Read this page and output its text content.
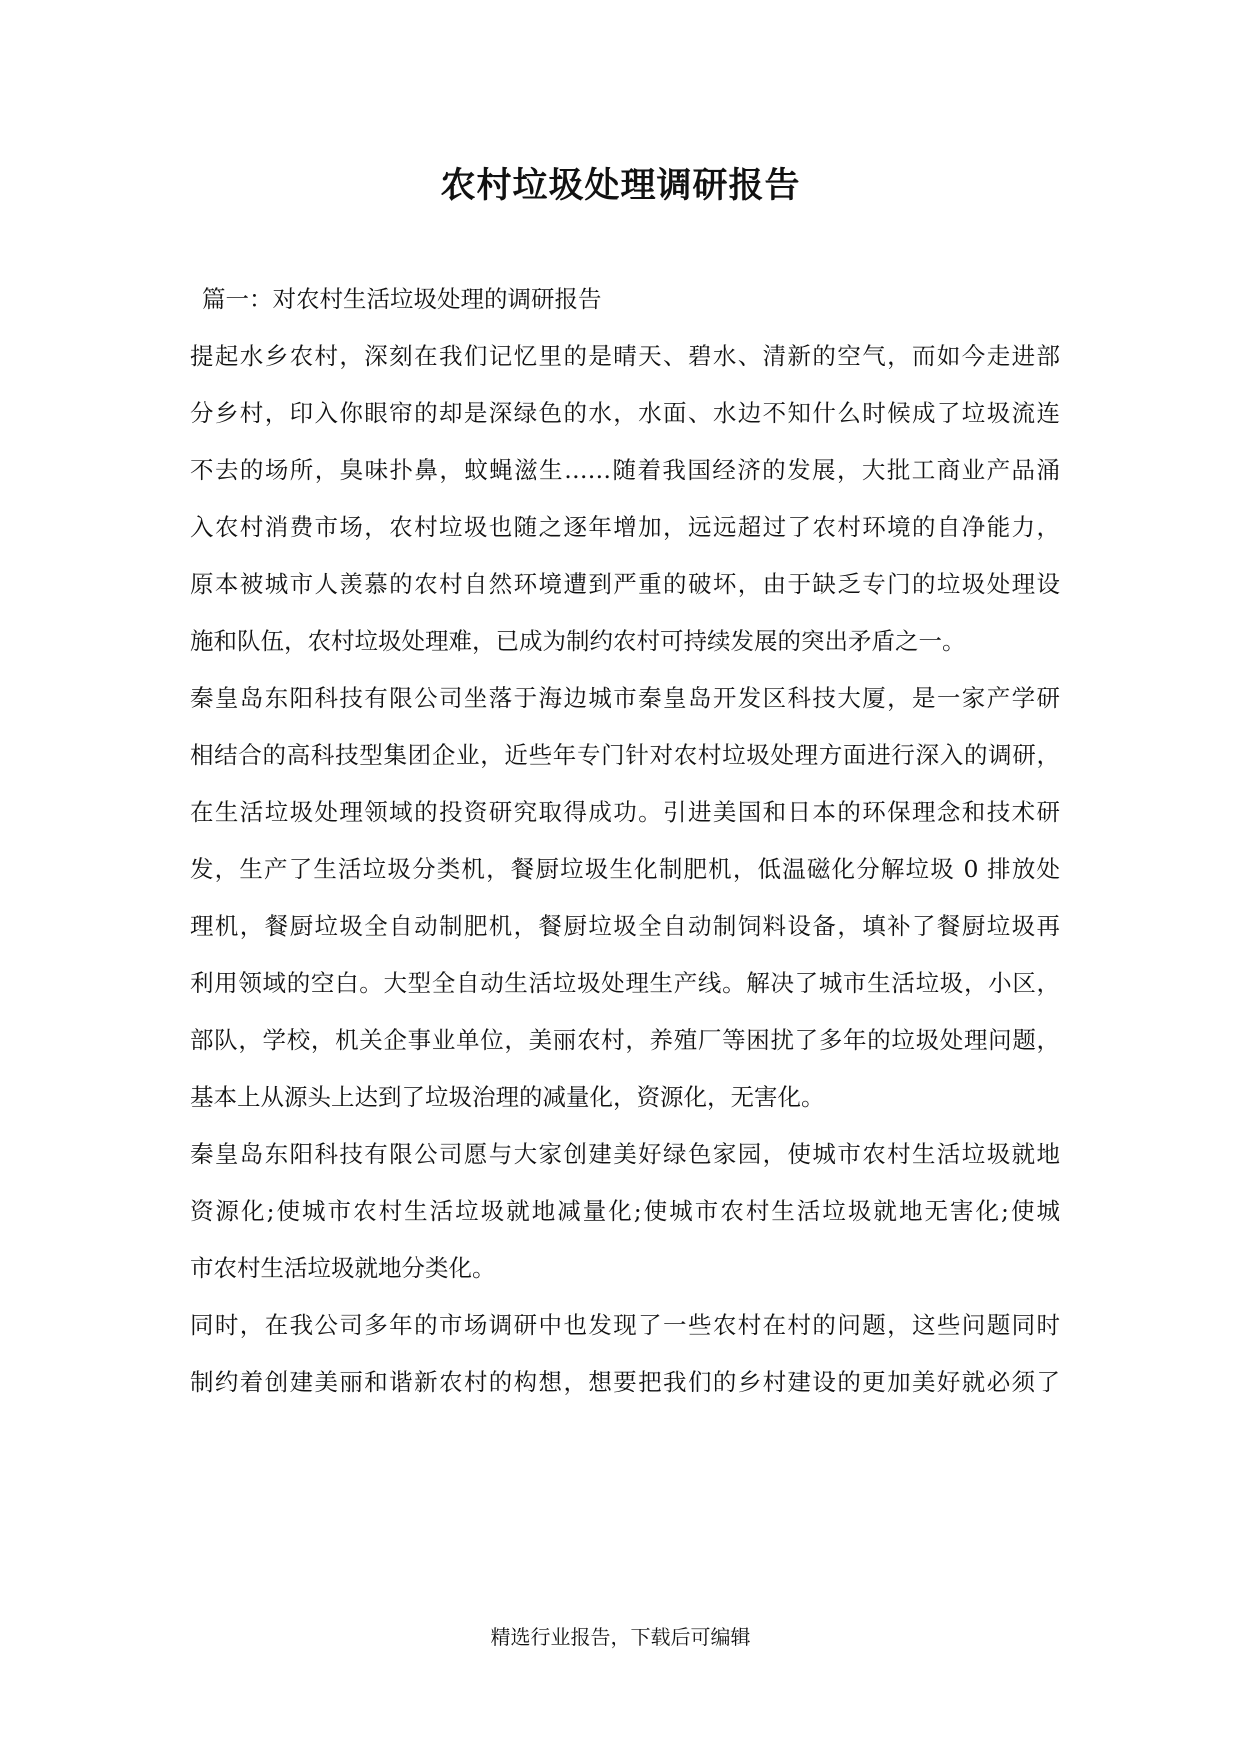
农村垃圾处理调研报告
篇一：对农村生活垃圾处理的调研报告
提起水乡农村，深刻在我们记忆里的是晴天、碧水、清新的空气，而如今走进部
分乡村，印入你眼帘的却是深绿色的水，水面、水边不知什么时候成了垃圾流连
不去的场所，臭味扑鼻，蚊蝇滋生……随着我国经济的发展，大批工商业产品涌
入农村消费市场，农村垃圾也随之逐年增加，远远超过了农村环境的自净能力，
原本被城市人羡慕的农村自然环境遭到严重的破坏，由于缺乏专门的垃圾处理设
施和队伍，农村垃圾处理难，已成为制约农村可持续发展的突出矛盾之一。
秦皇岛东阳科技有限公司坐落于海边城市秦皇岛开发区科技大厦，是一家产学研
相结合的高科技型集团企业，近些年专门针对农村垃圾处理方面进行深入的调研，
在生活垃圾处理领域的投资研究取得成功。引进美国和日本的环保理念和技术研
发，生产了生活垃圾分类机，餐厨垃圾生化制肥机，低温磁化分解垃圾 0 排放处
理机，餐厨垃圾全自动制肥机，餐厨垃圾全自动制饲料设备，填补了餐厨垃圾再
利用领域的空白。大型全自动生活垃圾处理生产线。解决了城市生活垃圾，小区，
部队，学校，机关企事业单位，美丽农村，养殖厂等困扰了多年的垃圾处理问题，
基本上从源头上达到了垃圾治理的减量化，资源化，无害化。
秦皇岛东阳科技有限公司愿与大家创建美好绿色家园，使城市农村生活垃圾就地
资源化;使城市农村生活垃圾就地减量化;使城市农村生活垃圾就地无害化;使城
市农村生活垃圾就地分类化。
同时，在我公司多年的市场调研中也发现了一些农村在村的问题，这些问题同时
制约着创建美丽和谐新农村的构想，想要把我们的乡村建设的更加美好就必须了
精选行业报告，下载后可编辑
